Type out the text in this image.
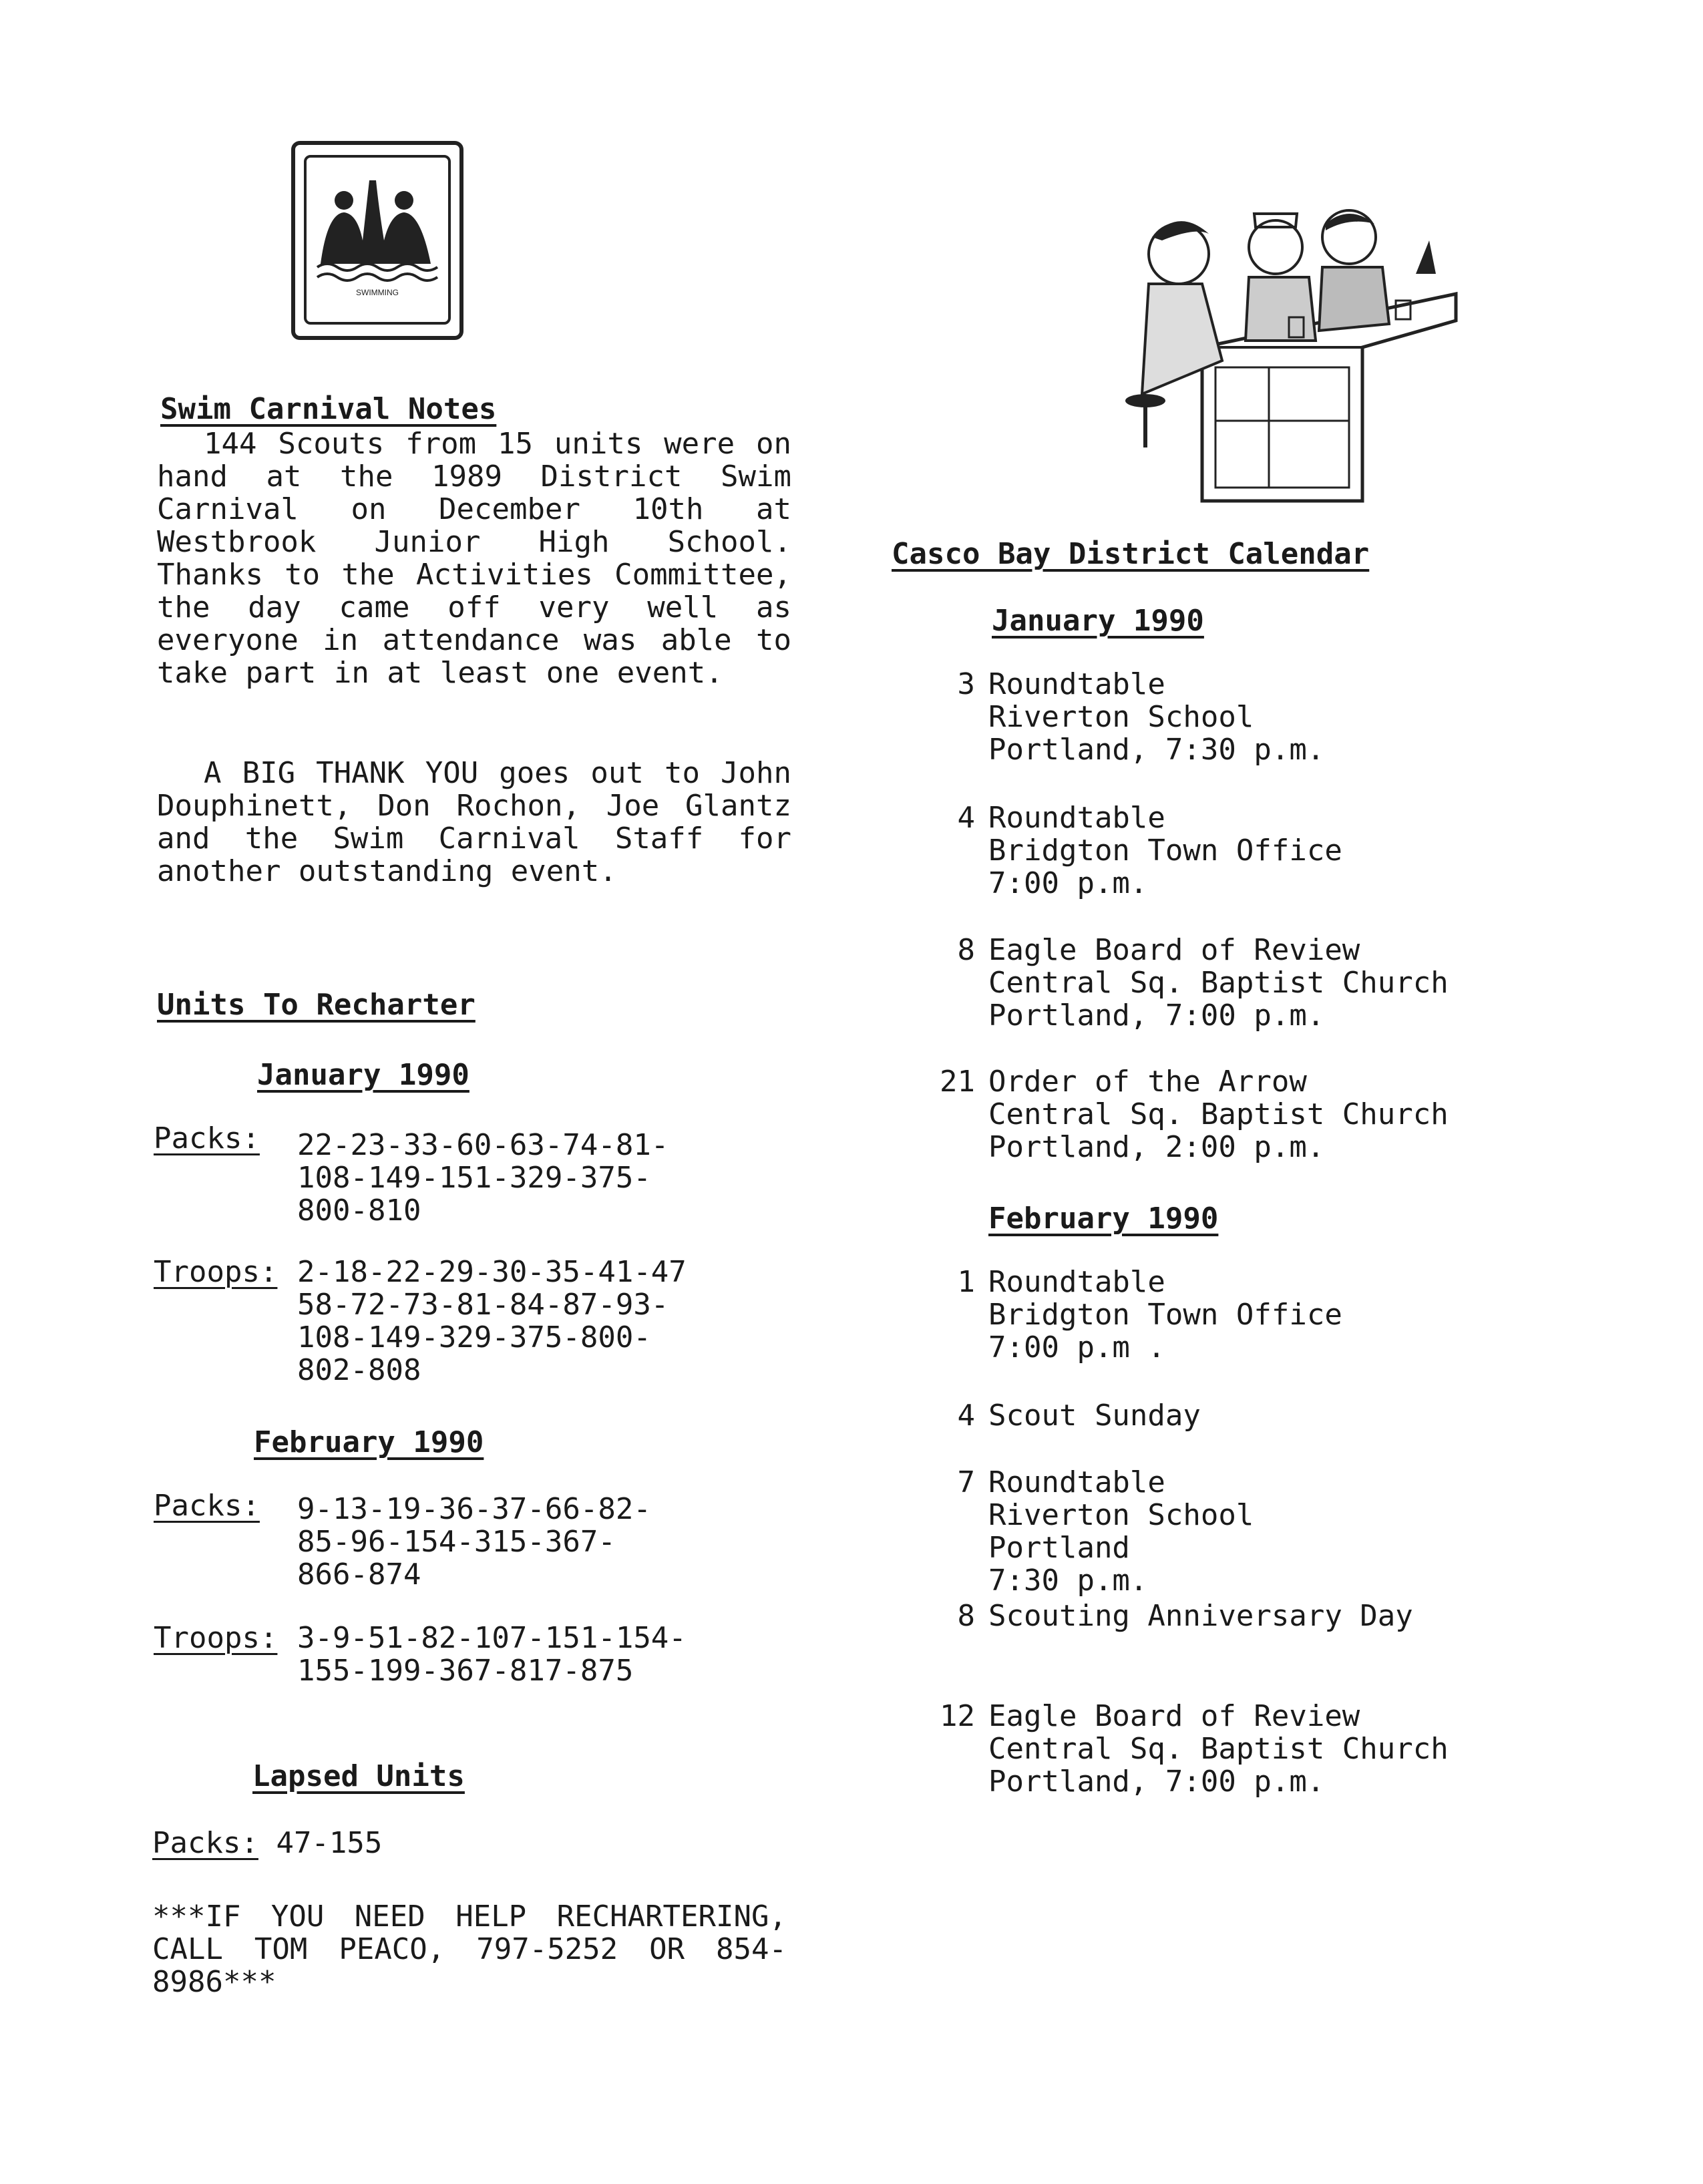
SWIMMING
Swim Carnival Notes
144 Scouts from 15 units were on hand at the 1989 District Swim Carnival on December 10th at Westbrook Junior High School. Thanks to the Activities Committee, the day came off very well as everyone in attendance was able to take part in at least one event.
A BIG THANK YOU goes out to John Douphinett, Don Rochon, Joe Glantz and the Swim Carnival Staff for another outstanding event.
Units To Recharter
January 1990
Packs: 22-23-33-60-63-74-81-
108-149-151-329-375-
800-810
Troops: 2-18-22-29-30-35-41-47
58-72-73-81-84-87-93-
108-149-329-375-800-
802-808
February 1990
Packs: 9-13-19-36-37-66-82-
85-96-154-315-367-
866-874
Troops: 3-9-51-82-107-151-154-
155-199-367-817-875
Lapsed Units
Packs: 47-155
***IF YOU NEED HELP RECHARTERING, CALL TOM PEACO, 797-5252 OR 854-8986***
Casco Bay District Calendar
January 1990
3 Roundtable
Riverton School
Portland, 7:30 p.m.
4 Roundtable
Bridgton Town Office
7:00 p.m.
8 Eagle Board of Review
Central Sq. Baptist Church
Portland, 7:00 p.m.
21 Order of the Arrow
Central Sq. Baptist Church
Portland, 2:00 p.m.
February 1990
1 Roundtable
Bridgton Town Office
7:00 p.m .
4 Scout Sunday
7 Roundtable
Riverton School
Portland
7:30 p.m.
8 Scouting Anniversary Day
12 Eagle Board of Review
Central Sq. Baptist Church
Portland, 7:00 p.m.
